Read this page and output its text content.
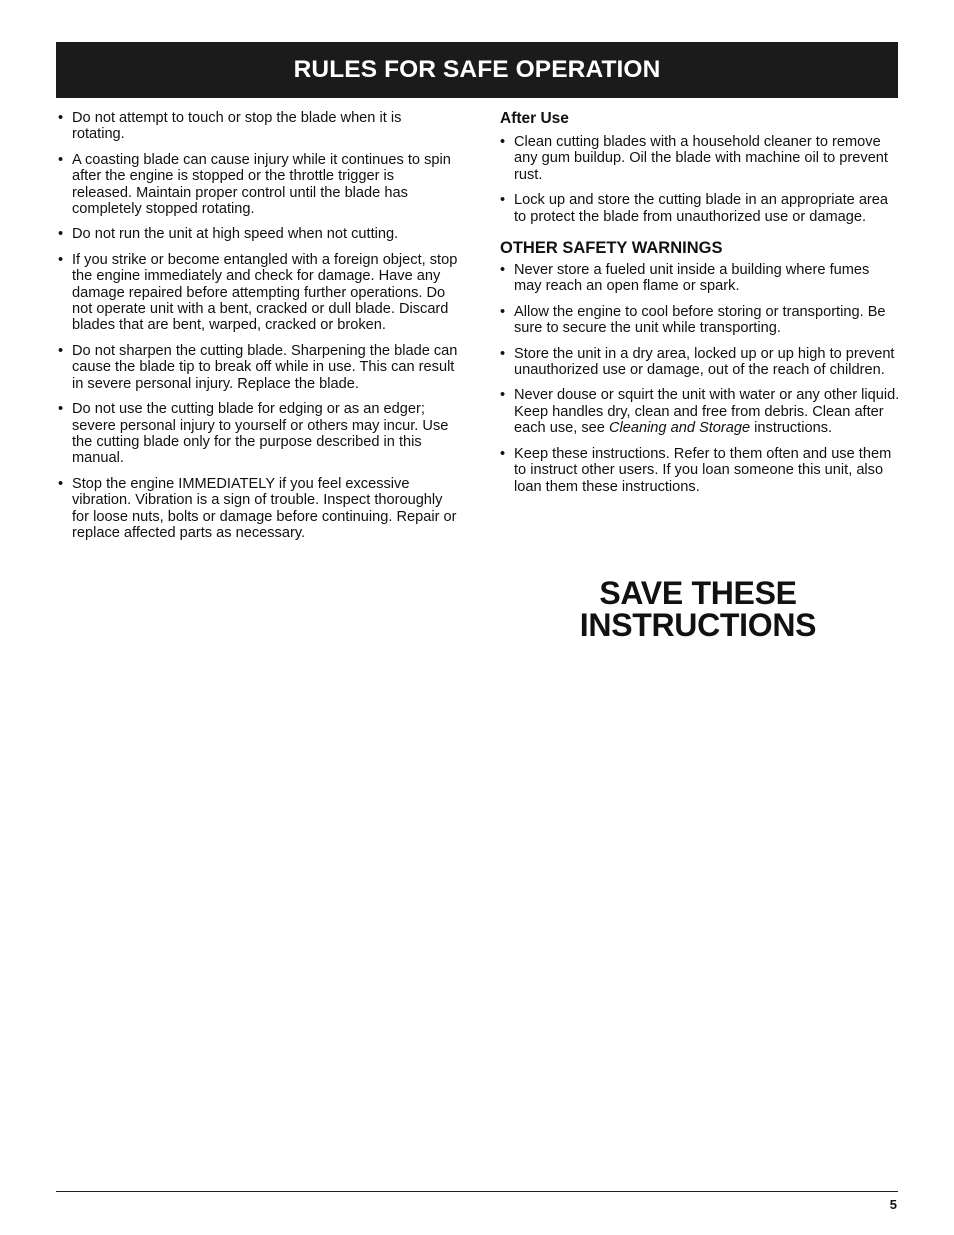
RULES FOR SAFE OPERATION
• Do not attempt to touch or stop the blade when it is rotating.
• A coasting blade can cause injury while it continues to spin after the engine is stopped or the throttle trigger is released. Maintain proper control until the blade has completely stopped rotating.
• Do not run the unit at high speed when not cutting.
• If you strike or become entangled with a foreign object, stop the engine immediately and check for damage. Have any damage repaired before attempting further operations. Do not operate unit with a bent, cracked or dull blade. Discard blades that are bent, warped, cracked or broken.
• Do not sharpen the cutting blade. Sharpening the blade can cause the blade tip to break off while in use. This can result in severe personal injury. Replace the blade.
• Do not use the cutting blade for edging or as an edger; severe personal injury to yourself or others may incur. Use the cutting blade only for the purpose described in this manual.
• Stop the engine IMMEDIATELY if you feel excessive vibration. Vibration is a sign of trouble. Inspect thoroughly for loose nuts, bolts or damage before continuing. Repair or replace affected parts as necessary.
After Use
• Clean cutting blades with a household cleaner to remove any gum buildup. Oil the blade with machine oil to prevent rust.
• Lock up and store the cutting blade in an appropriate area to protect the blade from unauthorized use or damage.
OTHER SAFETY WARNINGS
• Never store a fueled unit inside a building where fumes may reach an open flame or spark.
• Allow the engine to cool before storing or transporting. Be sure to secure the unit while transporting.
• Store the unit in a dry area, locked up or up high to prevent unauthorized use or damage, out of the reach of children.
• Never douse or squirt the unit with water or any other liquid. Keep handles dry, clean and free from debris. Clean after each use, see Cleaning and Storage instructions.
• Keep these instructions. Refer to them often and use them to instruct other users. If you loan someone this unit, also loan them these instructions.
SAVE THESE
INSTRUCTIONS
5
